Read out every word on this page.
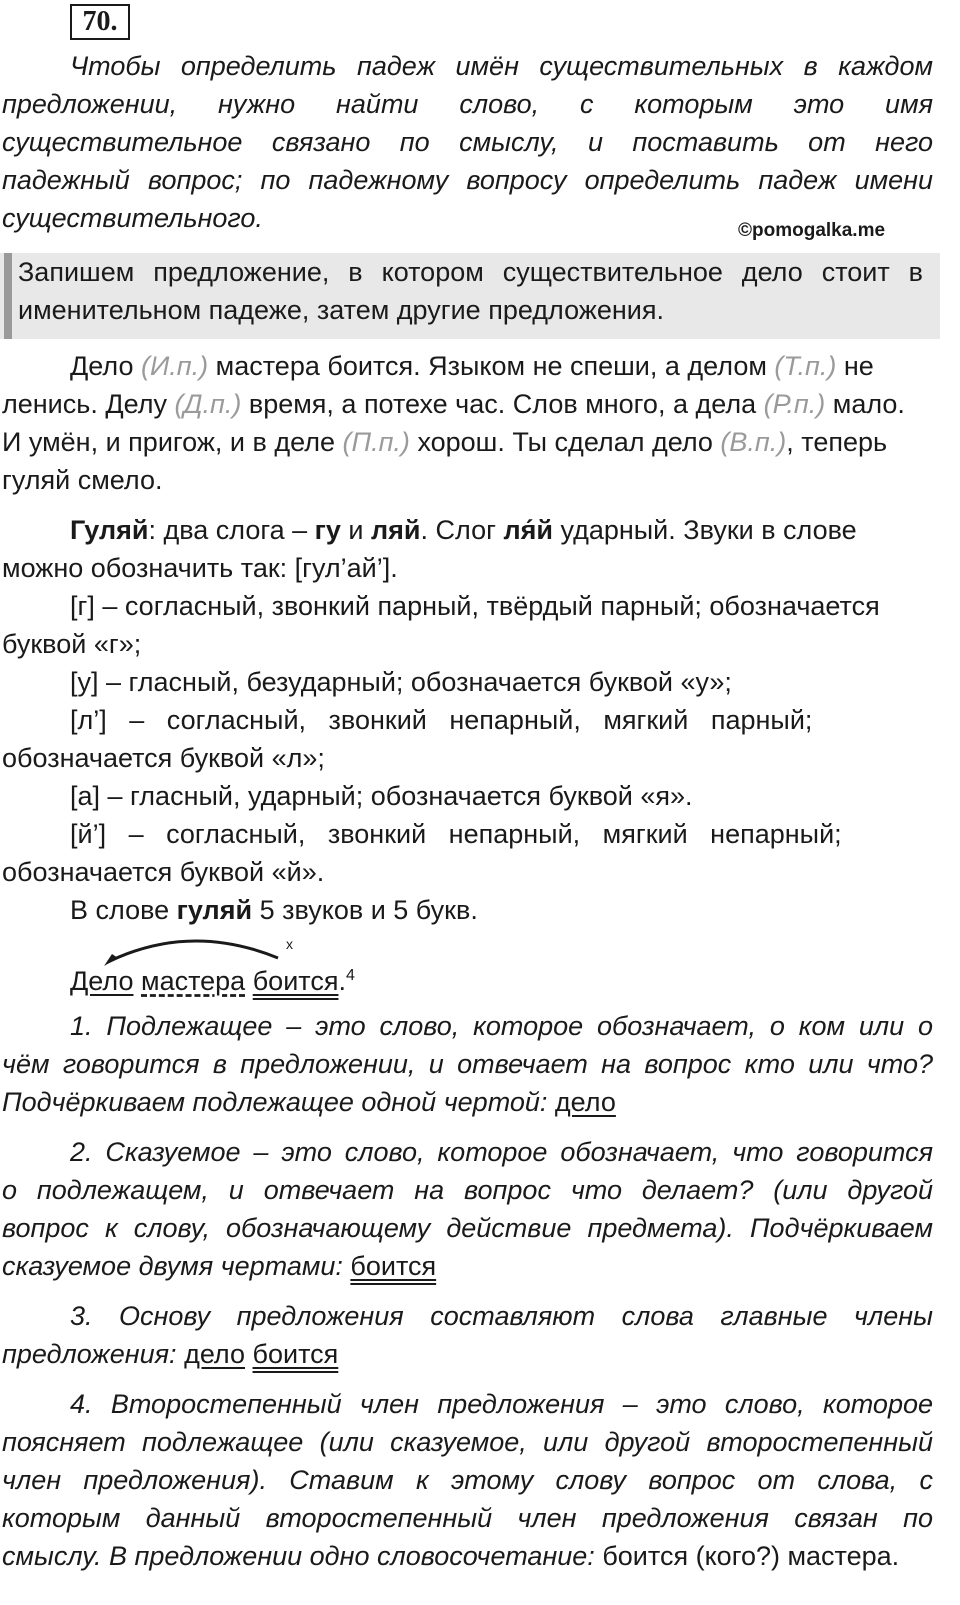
70.
Чтобы определить падеж имён существительных в каждом
предложении, нужно найти слово, с которым это имя
существительное связано по смыслу, и поставить от него
падежный вопрос; по падежному вопросу определить падеж имени
существительного.	©pomogalka.me
Запишем предложение, в котором существительное дело стоит в
именительном падеже, затем другие предложения.
Дело (И.п.) мастера боится. Языком не спеши, а делом (Т.п.) не
ленись. Делу (Д.п.) время, а потехе час. Слов много, а дела (Р.п.) мало.
И умён, и пригож, и в деле (П.п.) хорош. Ты сделал дело (В.п.), теперь
гуляй смело.
Гуляй: два слога – гу и ляй. Слог ля́й ударный. Звуки в слове
можно обозначить так: [гул’ай’].
[г] – согласный, звонкий парный, твёрдый парный; обозначается
буквой «г»;
[у] – гласный, безударный; обозначается буквой «у»;
[л’]   –   согласный,   звонкий   непарный,   мягкий   парный;
обозначается буквой «л»;
[а] – гласный, ударный; обозначается буквой «я».
[й’]   –   согласный,   звонкий   непарный,   мягкий   непарный;
обозначается буквой «й».
В слове гуляй 5 звуков и 5 букв.
x
Дело мастера боится.$^4$
1. Подлежащее – это слово, которое обозначает, о ком или о
чём говорится в предложении, и отвечает на вопрос кто или что?
Подчёркиваем подлежащее одной чертой: дело
2. Сказуемое – это слово, которое обозначает, что говорится
о подлежащем, и отвечает на вопрос что делает? (или другой
вопрос к слову, обозначающему действие предмета). Подчёркиваем
сказуемое двумя чертами: боится
3. Основу предложения составляют слова главные члены
предложения: дело боится
4. Второстепенный член предложения – это слово, которое
поясняет подлежащее (или сказуемое, или другой второстепенный
член предложения). Ставим к этому слову вопрос от слова, с
которым данный второстепенный член предложения связан по
смыслу. В предложении одно словосочетание: боится (кого?) мастера.
